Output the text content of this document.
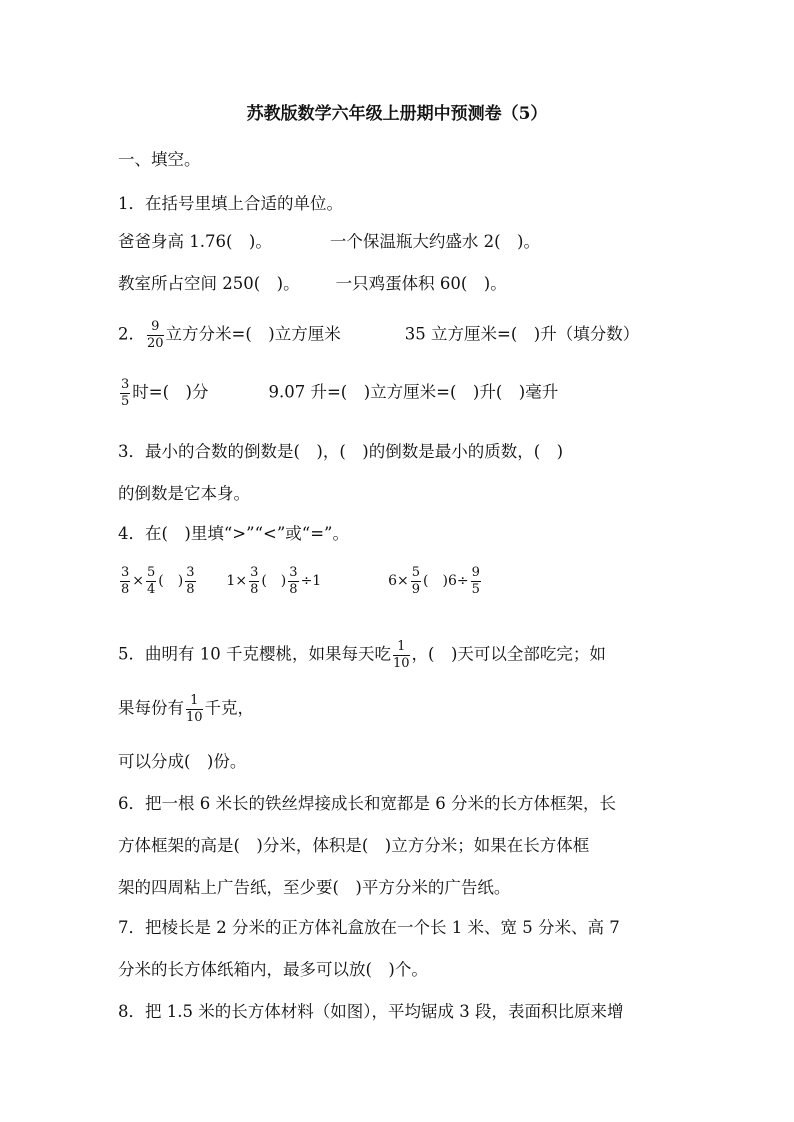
苏教版数学六年级上册期中预测卷（5）
一、填空。
1．在括号里填上合适的单位。
爸爸身高 1.76(　)。	一个保温瓶大约盛水 2(　)。
教室所占空间 250(　)。 一只鸡蛋体积 60(　)。
2． $\frac{9}{20}$ 立方分米=(　)立方厘米	35 立方厘米=(　)升（填分数）
$\frac{3}{5}$ 时=(　)分	9.07 升=(　)立方厘米=(　)升(　)毫升
3．最小的合数的倒数是(　)，(　)的倒数是最小的质数，(　)
的倒数是它本身。
4．在(　)里填“>”“<”或“=”。
$\frac{3}{8} \times \frac{5}{4}$ (　) $\frac{3}{8} 1\times \frac{3}{8}$ (　) $\frac{3}{8} \div 1$	$6\times \frac{5}{9}$ (　)$6\div \frac{9}{5}$
5．曲明有 10 千克樱桃，如果每天吃 $\frac{1}{10}$ ，(　)天可以全部吃完；如
果每份有 $\frac{1}{10}$ 千克，
可以分成(　)份。
6．把一根 6 米长的铁丝焊接成长和宽都是 6 分米的长方体框架，长
方体框架的高是(　)分米，体积是(　)立方分米；如果在长方体框
架的四周粘上广告纸，至少要(　)平方分米的广告纸。
7．把棱长是 2 分米的正方体礼盒放在一个长 1 米、宽 5 分米、高 7
分米的长方体纸箱内，最多可以放(　)个。
8．把 1.5 米的长方体材料（如图），平均锯成 3 段，表面积比原来增
